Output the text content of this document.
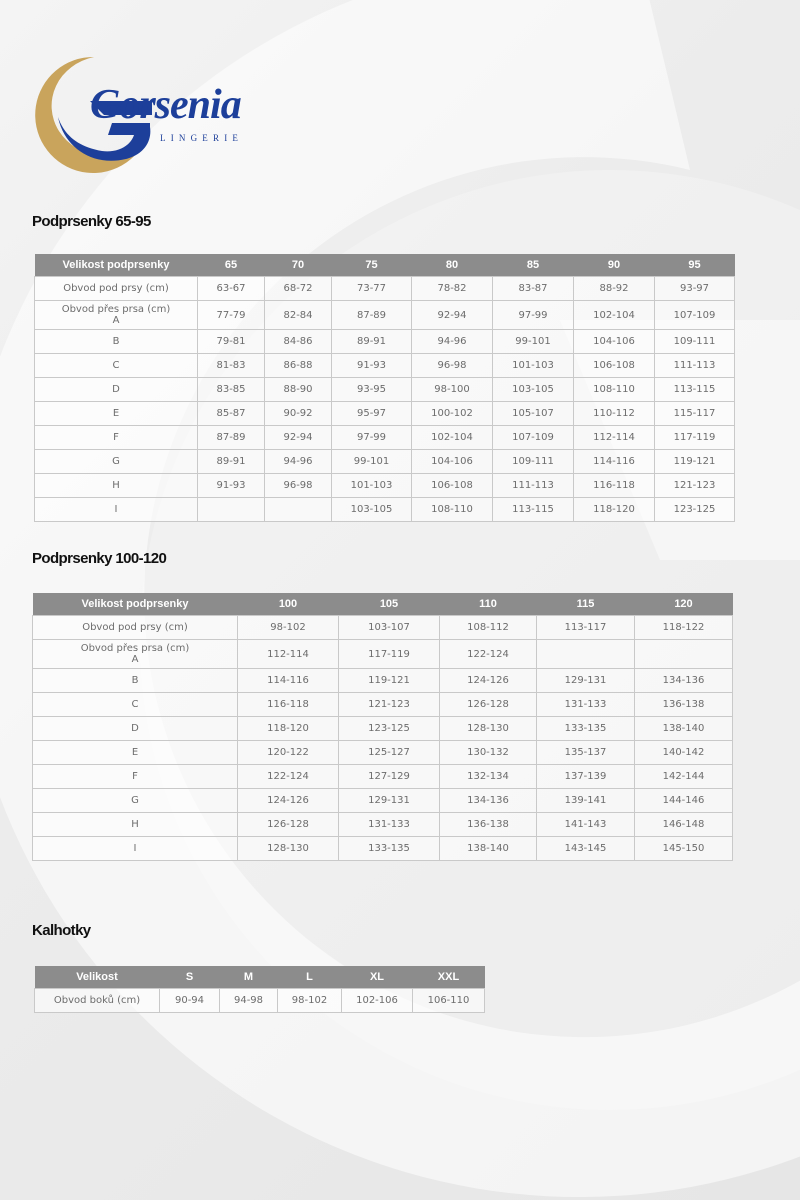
Gorsenia
LINGERIE
Podprsenky 65-95
Velikost podprsenky	65	70	75	80	85	90	95
Obvod pod prsy (cm)	63-67	68-72	73-77	78-82	83-87	88-92	93-97
Obvod přes prsa (cm)
A	77-79	82-84	87-89	92-94	97-99	102-104	107-109
B	79-81	84-86	89-91	94-96	99-101	104-106	109-111
C	81-83	86-88	91-93	96-98	101-103	106-108	111-113
D	83-85	88-90	93-95	98-100	103-105	108-110	113-115
E	85-87	90-92	95-97	100-102	105-107	110-112	115-117
F	87-89	92-94	97-99	102-104	107-109	112-114	117-119
G	89-91	94-96	99-101	104-106	109-111	114-116	119-121
H	91-93	96-98	101-103	106-108	111-113	116-118	121-123
I			103-105	108-110	113-115	118-120	123-125
Podprsenky 100-120
Velikost podprsenky	100	105	110	115	120
Obvod pod prsy (cm)	98-102	103-107	108-112	113-117	118-122
Obvod přes prsa (cm)
A	112-114	117-119	122-124		
B	114-116	119-121	124-126	129-131	134-136
C	116-118	121-123	126-128	131-133	136-138
D	118-120	123-125	128-130	133-135	138-140
E	120-122	125-127	130-132	135-137	140-142
F	122-124	127-129	132-134	137-139	142-144
G	124-126	129-131	134-136	139-141	144-146
H	126-128	131-133	136-138	141-143	146-148
I	128-130	133-135	138-140	143-145	145-150
Kalhotky
Velikost	S	M	L	XL	XXL
Obvod boků (cm)	90-94	94-98	98-102	102-106	106-110
